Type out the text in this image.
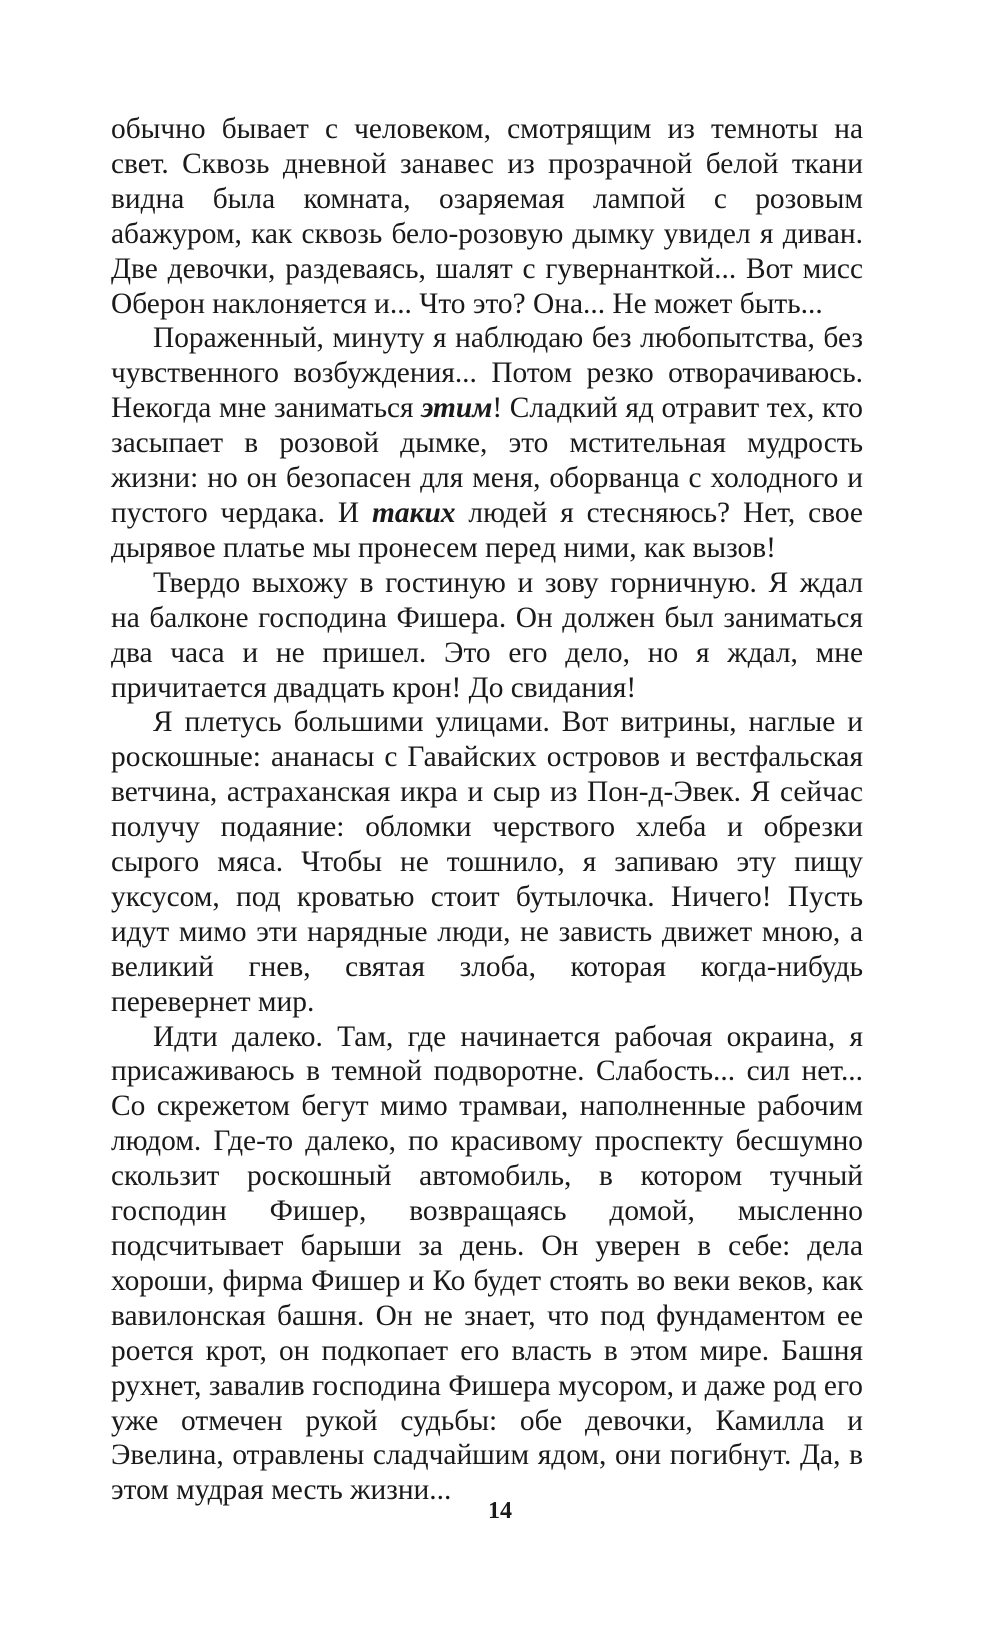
обычно бывает с человеком, смотрящим из темноты на свет. Сквозь дневной занавес из прозрачной белой ткани видна была комната, озаряемая лампой с розовым абажуром, как сквозь бело-розовую дымку увидел я диван. Две девочки, раздеваясь, шалят с гувернанткой... Вот мисс Оберон наклоняется и... Что это? Она... Не может быть...

Пораженный, минуту я наблюдаю без любопытства, без чувственного возбуждения... Потом резко отворачиваюсь. Некогда мне заниматься этим! Сладкий яд отравит тех, кто засыпает в розовой дымке, это мстительная мудрость жизни: но он безопасен для меня, оборванца с холодного и пустого чердака. И таких людей я стесняюсь? Нет, свое дырявое платье мы пронесем перед ними, как вызов!

Твердо выхожу в гостиную и зову горничную. Я ждал на балконе господина Фишера. Он должен был заниматься два часа и не пришел. Это его дело, но я ждал, мне причитается двадцать крон! До свидания!

Я плетусь большими улицами. Вот витрины, наглые и роскошные: ананасы с Гавайских островов и вестфальская ветчина, астраханская икра и сыр из Пон-д-Эвек. Я сейчас получу подаяние: обломки черствого хлеба и обрезки сырого мяса. Чтобы не тошнило, я запиваю эту пищу уксусом, под кроватью стоит бутылочка. Ничего! Пусть идут мимо эти нарядные люди, не зависть движет мною, а великий гнев, святая злоба, которая когда-нибудь перевернет мир.

Идти далеко. Там, где начинается рабочая окраина, я присаживаюсь в темной подворотне. Слабость... сил нет... Со скрежетом бегут мимо трамваи, наполненные рабочим людом. Где-то далеко, по красивому проспекту бесшумно скользит роскошный автомобиль, в котором тучный господин Фишер, возвращаясь домой, мысленно подсчитывает барыши за день. Он уверен в себе: дела хороши, фирма Фишер и Ко будет стоять во веки веков, как вавилонская башня. Он не знает, что под фундаментом ее роется крот, он подкопает его власть в этом мире. Башня рухнет, завалив господина Фишера мусором, и даже род его уже отмечен рукой судьбы: обе девочки, Камилла и Эвелина, отравлены сладчайшим ядом, они погибнут. Да, в этом мудрая месть жизни...

14
